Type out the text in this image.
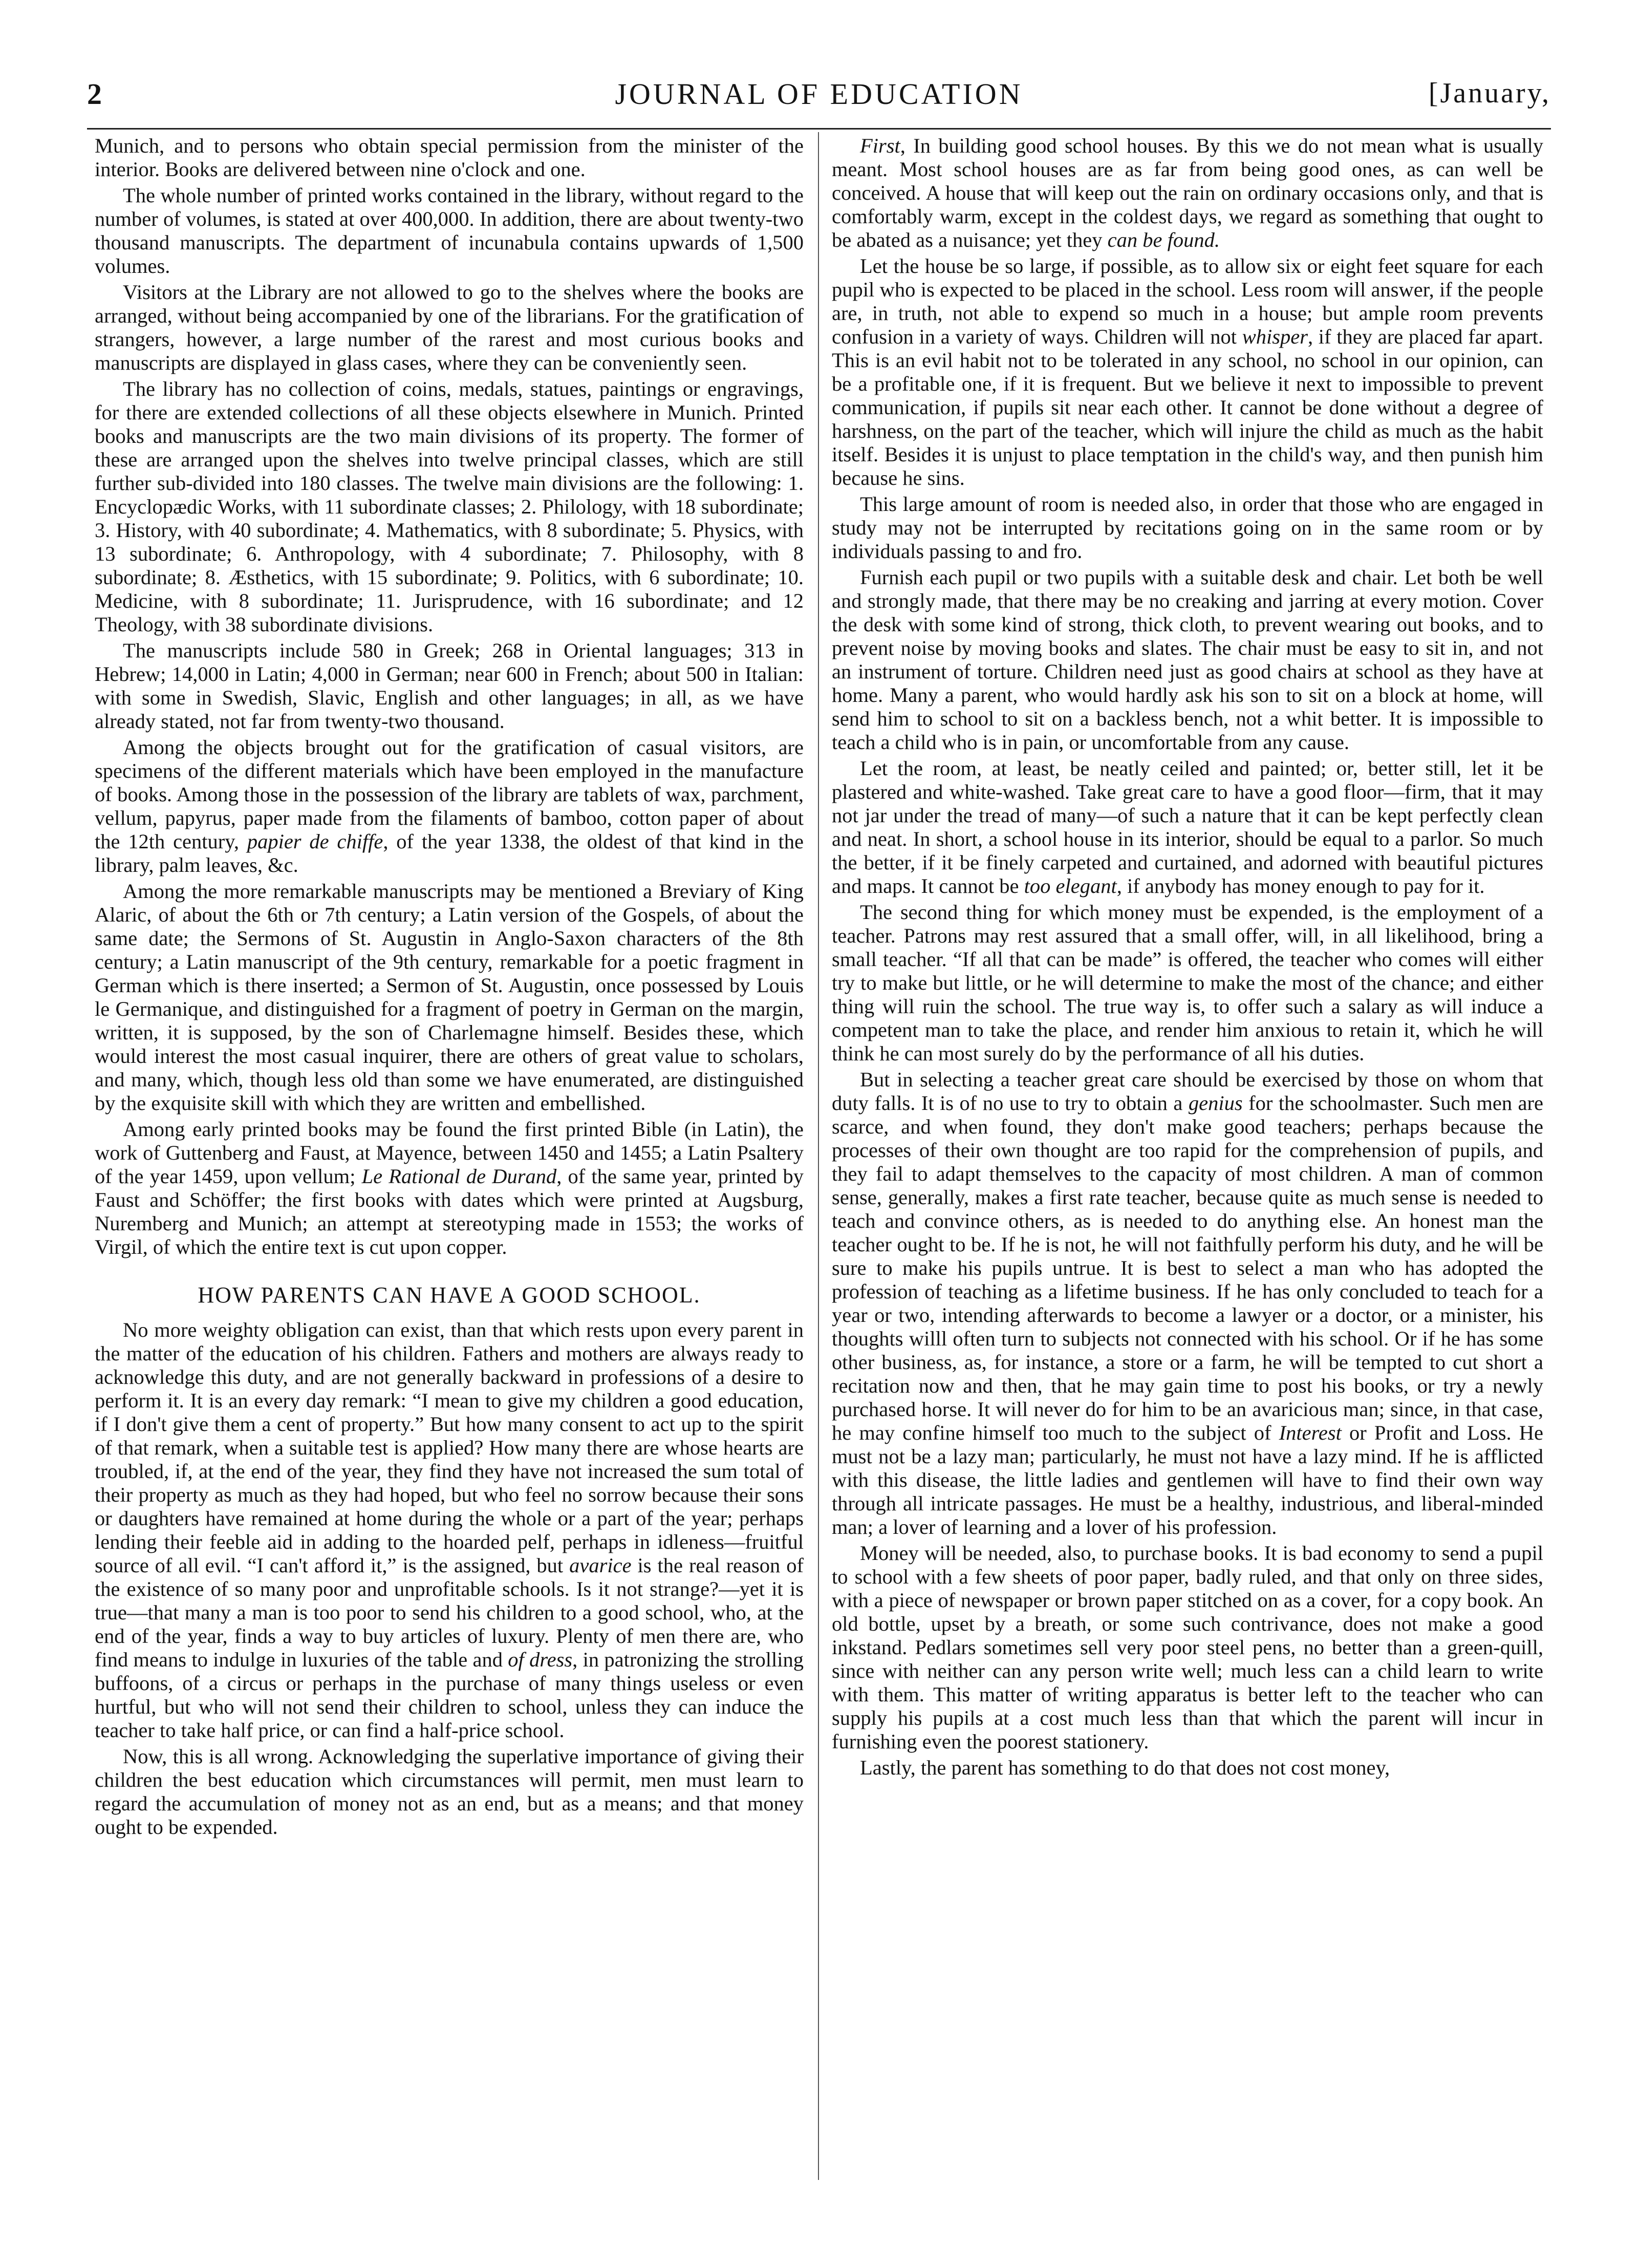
2	JOURNAL OF EDUCATION	[January,

Munich, and to persons who obtain special permission from the minister of the interior. Books are delivered between nine o'clock and one.

The whole number of printed works contained in the library, without regard to the number of volumes, is stated at over 400,000. In addition, there are about twenty-two thousand manuscripts. The department of incunabula contains upwards of 1,500 volumes.

Visitors at the Library are not allowed to go to the shelves where the books are arranged, without being accompanied by one of the librarians. For the gratification of strangers, however, a large number of the rarest and most curious books and manuscripts are displayed in glass cases, where they can be conveniently seen.

The library has no collection of coins, medals, statues, paintings or engravings, for there are extended collections of all these objects elsewhere in Munich. Printed books and manuscripts are the two main divisions of its property. The former of these are arranged upon the shelves into twelve principal classes, which are still further sub-divided into 180 classes. The twelve main divisions are the following: 1. Encyclopædic Works, with 11 subordinate classes; 2. Philology, with 18 subordinate; 3. History, with 40 subordinate; 4. Mathematics, with 8 subordinate; 5. Physics, with 13 subordinate; 6. Anthropology, with 4 subordinate; 7. Philosophy, with 8 subordinate; 8. Æsthetics, with 15 subordinate; 9. Politics, with 6 subordinate; 10. Medicine, with 8 subordinate; 11. Jurisprudence, with 16 subordinate; and 12 Theology, with 38 subordinate divisions.

The manuscripts include 580 in Greek; 268 in Oriental languages; 313 in Hebrew; 14,000 in Latin; 4,000 in German; near 600 in French; about 500 in Italian: with some in Swedish, Slavic, English and other languages; in all, as we have already stated, not far from twenty-two thousand.

Among the objects brought out for the gratification of casual visitors, are specimens of the different materials which have been employed in the manufacture of books. Among those in the possession of the library are tablets of wax, parchment, vellum, papyrus, paper made from the filaments of bamboo, cotton paper of about the 12th century, papier de chiffe, of the year 1338, the oldest of that kind in the library, palm leaves, &c.

Among the more remarkable manuscripts may be mentioned a Breviary of King Alaric, of about the 6th or 7th century; a Latin version of the Gospels, of about the same date; the Sermons of St. Augustin in Anglo-Saxon characters of the 8th century; a Latin manuscript of the 9th century, remarkable for a poetic fragment in German which is there inserted; a Sermon of St. Augustin, once possessed by Louis le Germanique, and distinguished for a fragment of poetry in German on the margin, written, it is supposed, by the son of Charlemagne himself. Besides these, which would interest the most casual inquirer, there are others of great value to scholars, and many, which, though less old than some we have enumerated, are distinguished by the exquisite skill with which they are written and embellished.

Among early printed books may be found the first printed Bible (in Latin), the work of Guttenberg and Faust, at Mayence, between 1450 and 1455; a Latin Psaltery of the year 1459, upon vellum; Le Rational de Durand, of the same year, printed by Faust and Schöffer; the first books with dates which were printed at Augsburg, Nuremberg and Munich; an attempt at stereotyping made in 1553; the works of Virgil, of which the entire text is cut upon copper.

HOW PARENTS CAN HAVE A GOOD SCHOOL.

No more weighty obligation can exist, than that which rests upon every parent in the matter of the education of his children. Fathers and mothers are always ready to acknowledge this duty, and are not generally backward in professions of a desire to perform it. It is an every day remark: “I mean to give my children a good education, if I don't give them a cent of property.” But how many consent to act up to the spirit of that remark, when a suitable test is applied? How many there are whose hearts are troubled, if, at the end of the year, they find they have not increased the sum total of their property as much as they had hoped, but who feel no sorrow because their sons or daughters have remained at home during the whole or a part of the year; perhaps lending their feeble aid in adding to the hoarded pelf, perhaps in idleness—fruitful source of all evil. “I can't afford it,” is the assigned, but avarice is the real reason of the existence of so many poor and unprofitable schools. Is it not strange?—yet it is true—that many a man is too poor to send his children to a good school, who, at the end of the year, finds a way to buy articles of luxury. Plenty of men there are, who find means to indulge in luxuries of the table and of dress, in patronizing the strolling buffoons, of a circus or perhaps in the purchase of many things useless or even hurtful, but who will not send their children to school, unless they can induce the teacher to take half price, or can find a half-price school.

Now, this is all wrong. Acknowledging the superlative importance of giving their children the best education which circumstances will permit, men must learn to regard the accumulation of money not as an end, but as a means; and that money ought to be expended.

First, In building good school houses. By this we do not mean what is usually meant. Most school houses are as far from being good ones, as can well be conceived. A house that will keep out the rain on ordinary occasions only, and that is comfortably warm, except in the coldest days, we regard as something that ought to be abated as a nuisance; yet they can be found.

Let the house be so large, if possible, as to allow six or eight feet square for each pupil who is expected to be placed in the school. Less room will answer, if the people are, in truth, not able to expend so much in a house; but ample room prevents confusion in a variety of ways. Children will not whisper, if they are placed far apart. This is an evil habit not to be tolerated in any school, no school in our opinion, can be a profitable one, if it is frequent. But we believe it next to impossible to prevent communication, if pupils sit near each other. It cannot be done without a degree of harshness, on the part of the teacher, which will injure the child as much as the habit itself. Besides it is unjust to place temptation in the child's way, and then punish him because he sins.

This large amount of room is needed also, in order that those who are engaged in study may not be interrupted by recitations going on in the same room or by individuals passing to and fro.

Furnish each pupil or two pupils with a suitable desk and chair. Let both be well and strongly made, that there may be no creaking and jarring at every motion. Cover the desk with some kind of strong, thick cloth, to prevent wearing out books, and to prevent noise by moving books and slates. The chair must be easy to sit in, and not an instrument of torture. Children need just as good chairs at school as they have at home. Many a parent, who would hardly ask his son to sit on a block at home, will send him to school to sit on a backless bench, not a whit better. It is impossible to teach a child who is in pain, or uncomfortable from any cause.

Let the room, at least, be neatly ceiled and painted; or, better still, let it be plastered and white-washed. Take great care to have a good floor—firm, that it may not jar under the tread of many—of such a nature that it can be kept perfectly clean and neat. In short, a school house in its interior, should be equal to a parlor. So much the better, if it be finely carpeted and curtained, and adorned with beautiful pictures and maps. It cannot be too elegant, if anybody has money enough to pay for it.

The second thing for which money must be expended, is the employment of a teacher. Patrons may rest assured that a small offer, will, in all likelihood, bring a small teacher. “If all that can be made” is offered, the teacher who comes will either try to make but little, or he will determine to make the most of the chance; and either thing will ruin the school. The true way is, to offer such a salary as will induce a competent man to take the place, and render him anxious to retain it, which he will think he can most surely do by the performance of all his duties.

But in selecting a teacher great care should be exercised by those on whom that duty falls. It is of no use to try to obtain a genius for the schoolmaster. Such men are scarce, and when found, they don't make good teachers; perhaps because the processes of their own thought are too rapid for the comprehension of pupils, and they fail to adapt themselves to the capacity of most children. A man of common sense, generally, makes a first rate teacher, because quite as much sense is needed to teach and convince others, as is needed to do anything else. An honest man the teacher ought to be. If he is not, he will not faithfully perform his duty, and he will be sure to make his pupils untrue. It is best to select a man who has adopted the profession of teaching as a lifetime business. If he has only concluded to teach for a year or two, intending afterwards to become a lawyer or a doctor, or a minister, his thoughts willl often turn to subjects not connected with his school. Or if he has some other business, as, for instance, a store or a farm, he will be tempted to cut short a recitation now and then, that he may gain time to post his books, or try a newly purchased horse. It will never do for him to be an avaricious man; since, in that case, he may confine himself too much to the subject of Interest or Profit and Loss. He must not be a lazy man; particularly, he must not have a lazy mind. If he is afflicted with this disease, the little ladies and gentlemen will have to find their own way through all intricate passages. He must be a healthy, industrious, and liberal-minded man; a lover of learning and a lover of his profession.

Money will be needed, also, to purchase books. It is bad economy to send a pupil to school with a few sheets of poor paper, badly ruled, and that only on three sides, with a piece of newspaper or brown paper stitched on as a cover, for a copy book. An old bottle, upset by a breath, or some such contrivance, does not make a good inkstand. Pedlars sometimes sell very poor steel pens, no better than a green-quill, since with neither can any person write well; much less can a child learn to write with them. This matter of writing apparatus is better left to the teacher who can supply his pupils at a cost much less than that which the parent will incur in furnishing even the poorest stationery.

Lastly, the parent has something to do that does not cost money,
